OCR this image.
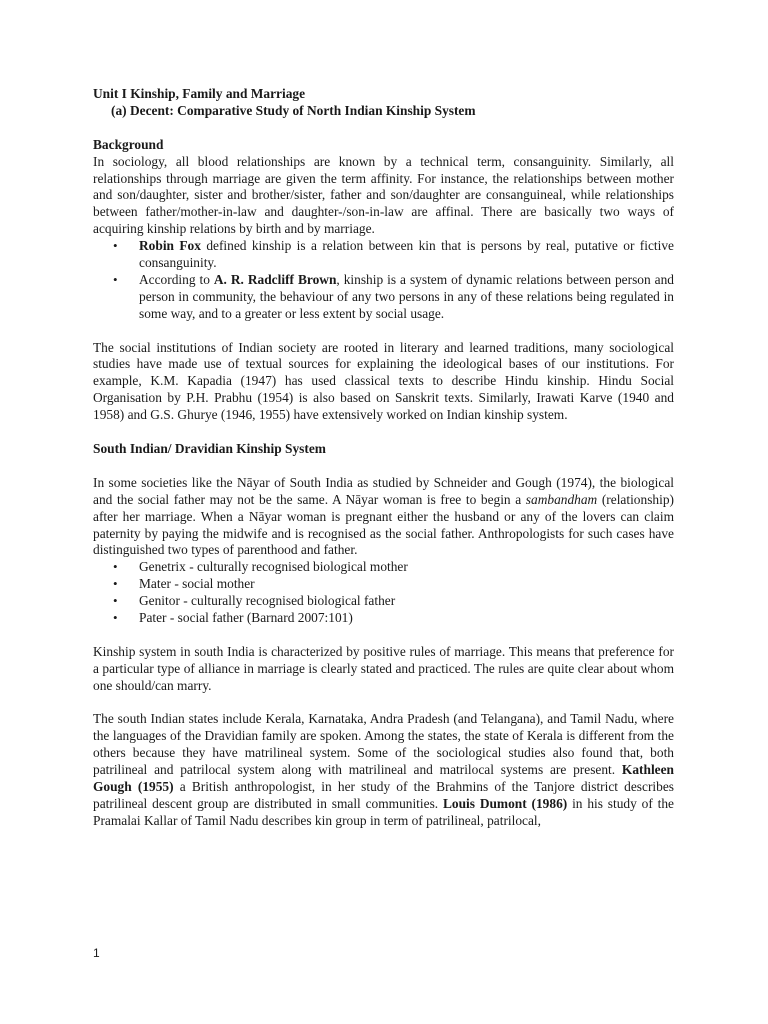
Unit I Kinship, Family and Marriage
(a) Decent: Comparative Study of North Indian Kinship System
Background

In sociology, all blood relationships are known by a technical term, consanguinity. Similarly, all relationships through marriage are given the term affinity. For instance, the relationships between mother and son/daughter, sister and brother/sister, father and son/daughter are consanguineal, while relationships between father/mother-in-law and daughter-/son-in-law are affinal. There are basically two ways of acquiring kinship relations by birth and by marriage.

• Robin Fox defined kinship is a relation between kin that is persons by real, putative or fictive consanguinity.
• According to A. R. Radcliff Brown, kinship is a system of dynamic relations between person and person in community, the behaviour of any two persons in any of these relations being regulated in some way, and to a greater or less extent by social usage.

The social institutions of Indian society are rooted in literary and learned traditions, many sociological studies have made use of textual sources for explaining the ideological bases of our institutions. For example, K.M. Kapadia (1947) has used classical texts to describe Hindu kinship. Hindu Social Organisation by P.H. Prabhu (1954) is also based on Sanskrit texts. Similarly, Irawati Karve (1940 and 1958) and G.S. Ghurye (1946, 1955) have extensively worked on Indian kinship system.

South Indian/ Dravidian Kinship System

In some societies like the Nāyar of South India as studied by Schneider and Gough (1974), the biological and the social father may not be the same. A Nāyar woman is free to begin a sambandham (relationship) after her marriage. When a Nāyar woman is pregnant either the husband or any of the lovers can claim paternity by paying the midwife and is recognised as the social father. Anthropologists for such cases have distinguished two types of parenthood and father.

• Genetrix - culturally recognised biological mother
• Mater - social mother
• Genitor - culturally recognised biological father
• Pater - social father (Barnard 2007:101)

Kinship system in south India is characterized by positive rules of marriage. This means that preference for a particular type of alliance in marriage is clearly stated and practiced. The rules are quite clear about whom one should/can marry.

The south Indian states include Kerala, Karnataka, Andra Pradesh (and Telangana), and Tamil Nadu, where the languages of the Dravidian family are spoken. Among the states, the state of Kerala is different from the others because they have matrilineal system. Some of the sociological studies also found that, both patrilineal and patrilocal system along with matrilineal and matrilocal systems are present. Kathleen Gough (1955) a British anthropologist, in her study of the Brahmins of the Tanjore district describes patrilineal descent group are distributed in small communities. Louis Dumont (1986) in his study of the Pramalai Kallar of Tamil Nadu describes kin group in term of patrilineal, patrilocal,

1
